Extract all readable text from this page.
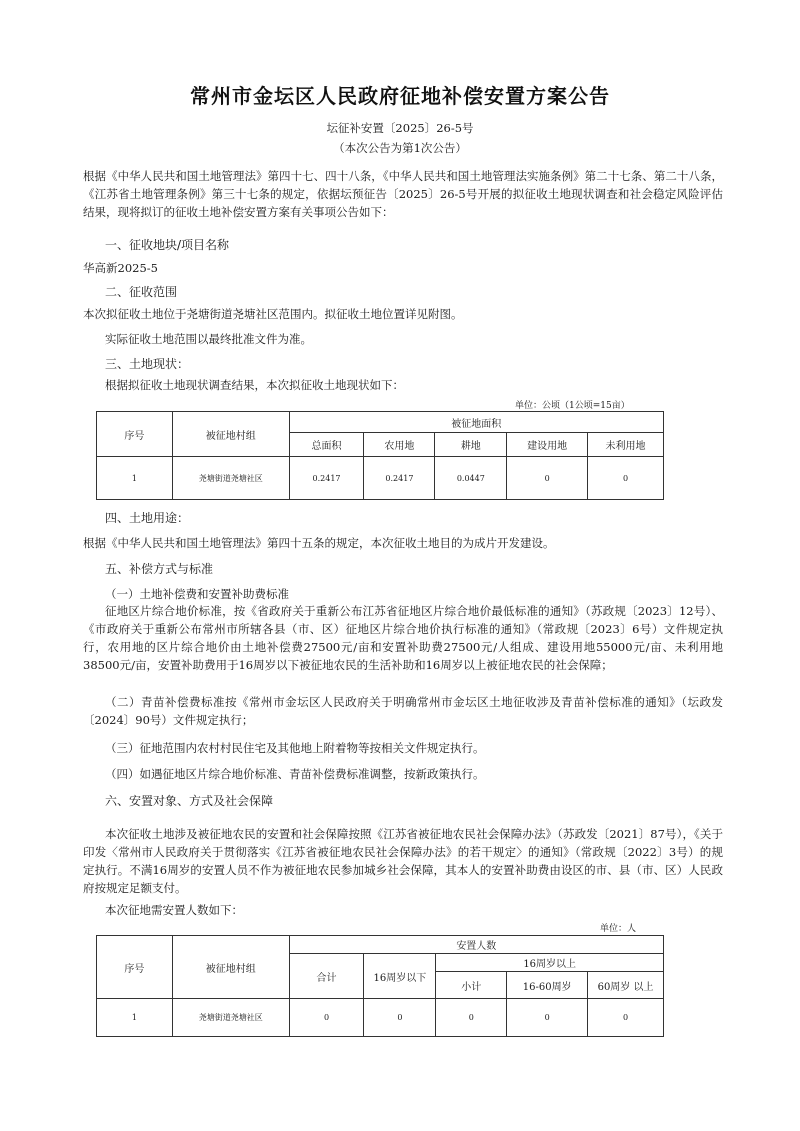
常州市金坛区人民政府征地补偿安置方案公告
坛征补安置〔2025〕26-5号
（本次公告为第1次公告）
根据《中华人民共和国土地管理法》第四十七、四十八条，《中华人民共和国土地管理法实施条例》第二十七条、第二十八条，《江苏省土地管理条例》第三十七条的规定，依据坛预征告〔2025〕26-5号开展的拟征收土地现状调查和社会稳定风险评估结果，现将拟订的征收土地补偿安置方案有关事项公告如下：
一、征收地块/项目名称
华高新2025-5
二、征收范围
本次拟征收土地位于尧塘街道尧塘社区范围内。拟征收土地位置详见附图。
实际征收土地范围以最终批准文件为准。
三、土地现状：
根据拟征收土地现状调查结果，本次拟征收土地现状如下：
单位：公顷（1公顷=15亩）
序号	被征地村组	被征地面积				
		总面积	农用地	耕地	建设用地	未利用地
1	尧塘街道尧塘社区	0.2417	0.2417	0.0447	0	0
四、土地用途：
根据《中华人民共和国土地管理法》第四十五条的规定，本次征收土地目的为成片开发建设。
五、补偿方式与标准
（一）土地补偿费和安置补助费标准
征地区片综合地价标准，按《省政府关于重新公布江苏省征地区片综合地价最低标准的通知》（苏政规〔2023〕12号）、《市政府关于重新公布常州市所辖各县（市、区）征地区片综合地价执行标准的通知》（常政规〔2023〕6号）文件规定执行，农用地的区片综合地价由土地补偿费27500元/亩和安置补助费27500元/人组成、建设用地55000元/亩、未利用地38500元/亩，安置补助费用于16周岁以下被征地农民的生活补助和16周岁以上被征地农民的社会保障；
（二）青苗补偿费标准按《常州市金坛区人民政府关于明确常州市金坛区土地征收涉及青苗补偿标准的通知》（坛政发〔2024〕90号）文件规定执行；
（三）征地范围内农村村民住宅及其他地上附着物等按相关文件规定执行。
（四）如遇征地区片综合地价标准、青苗补偿费标准调整，按新政策执行。
六、安置对象、方式及社会保障
本次征收土地涉及被征地农民的安置和社会保障按照《江苏省被征地农民社会保障办法》（苏政发〔2021〕87号），《关于印发〈常州市人民政府关于贯彻落实《江苏省被征地农民社会保障办法》的若干规定〉的通知》（常政规〔2022〕3号）的规定执行。不满16周岁的安置人员不作为被征地农民参加城乡社会保障，其本人的安置补助费由设区的市、县（市、区）人民政府按规定足额支付。
本次征地需安置人数如下：
单位：人
序号	被征地村组	安置人数				
		合计	16周岁以下	16周岁以上		
				小计	16-60周岁	60周岁 以上
1	尧塘街道尧塘社区	0	0	0	0	0
